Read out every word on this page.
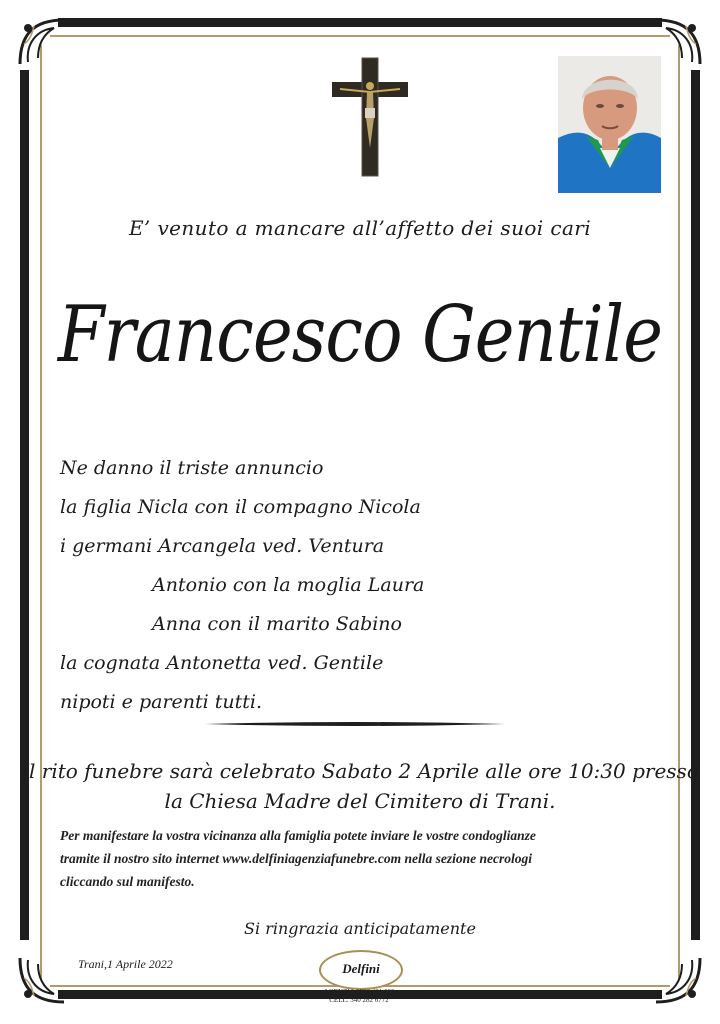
E’ venuto a mancare all’affetto dei suoi cari
Francesco Gentile
Ne danno il triste annuncio
la figlia Nicla con il compagno Nicola
i germani Arcangela ved. Ventura
Antonio con la moglia Laura
Anna con il marito Sabino
la cognata Antonetta ved. Gentile
nipoti e parenti tutti.
Il rito funebre sarà celebrato Sabato 2 Aprile alle ore 10:30 presso
la Chiesa Madre del Cimitero di Trani.
Per manifestare la vostra vicinanza alla famiglia potete inviare le vostre condoglianze
tramite il nostro sito internet www.delfiniagenziafunebre.com nella sezione necrologi
cliccando sul manifesto.
Si ringrazia anticipatamente
Trani,1 Aprile 2022	Delfini
AGENZIA 0883 481 608
CELL. 340 282 6772
